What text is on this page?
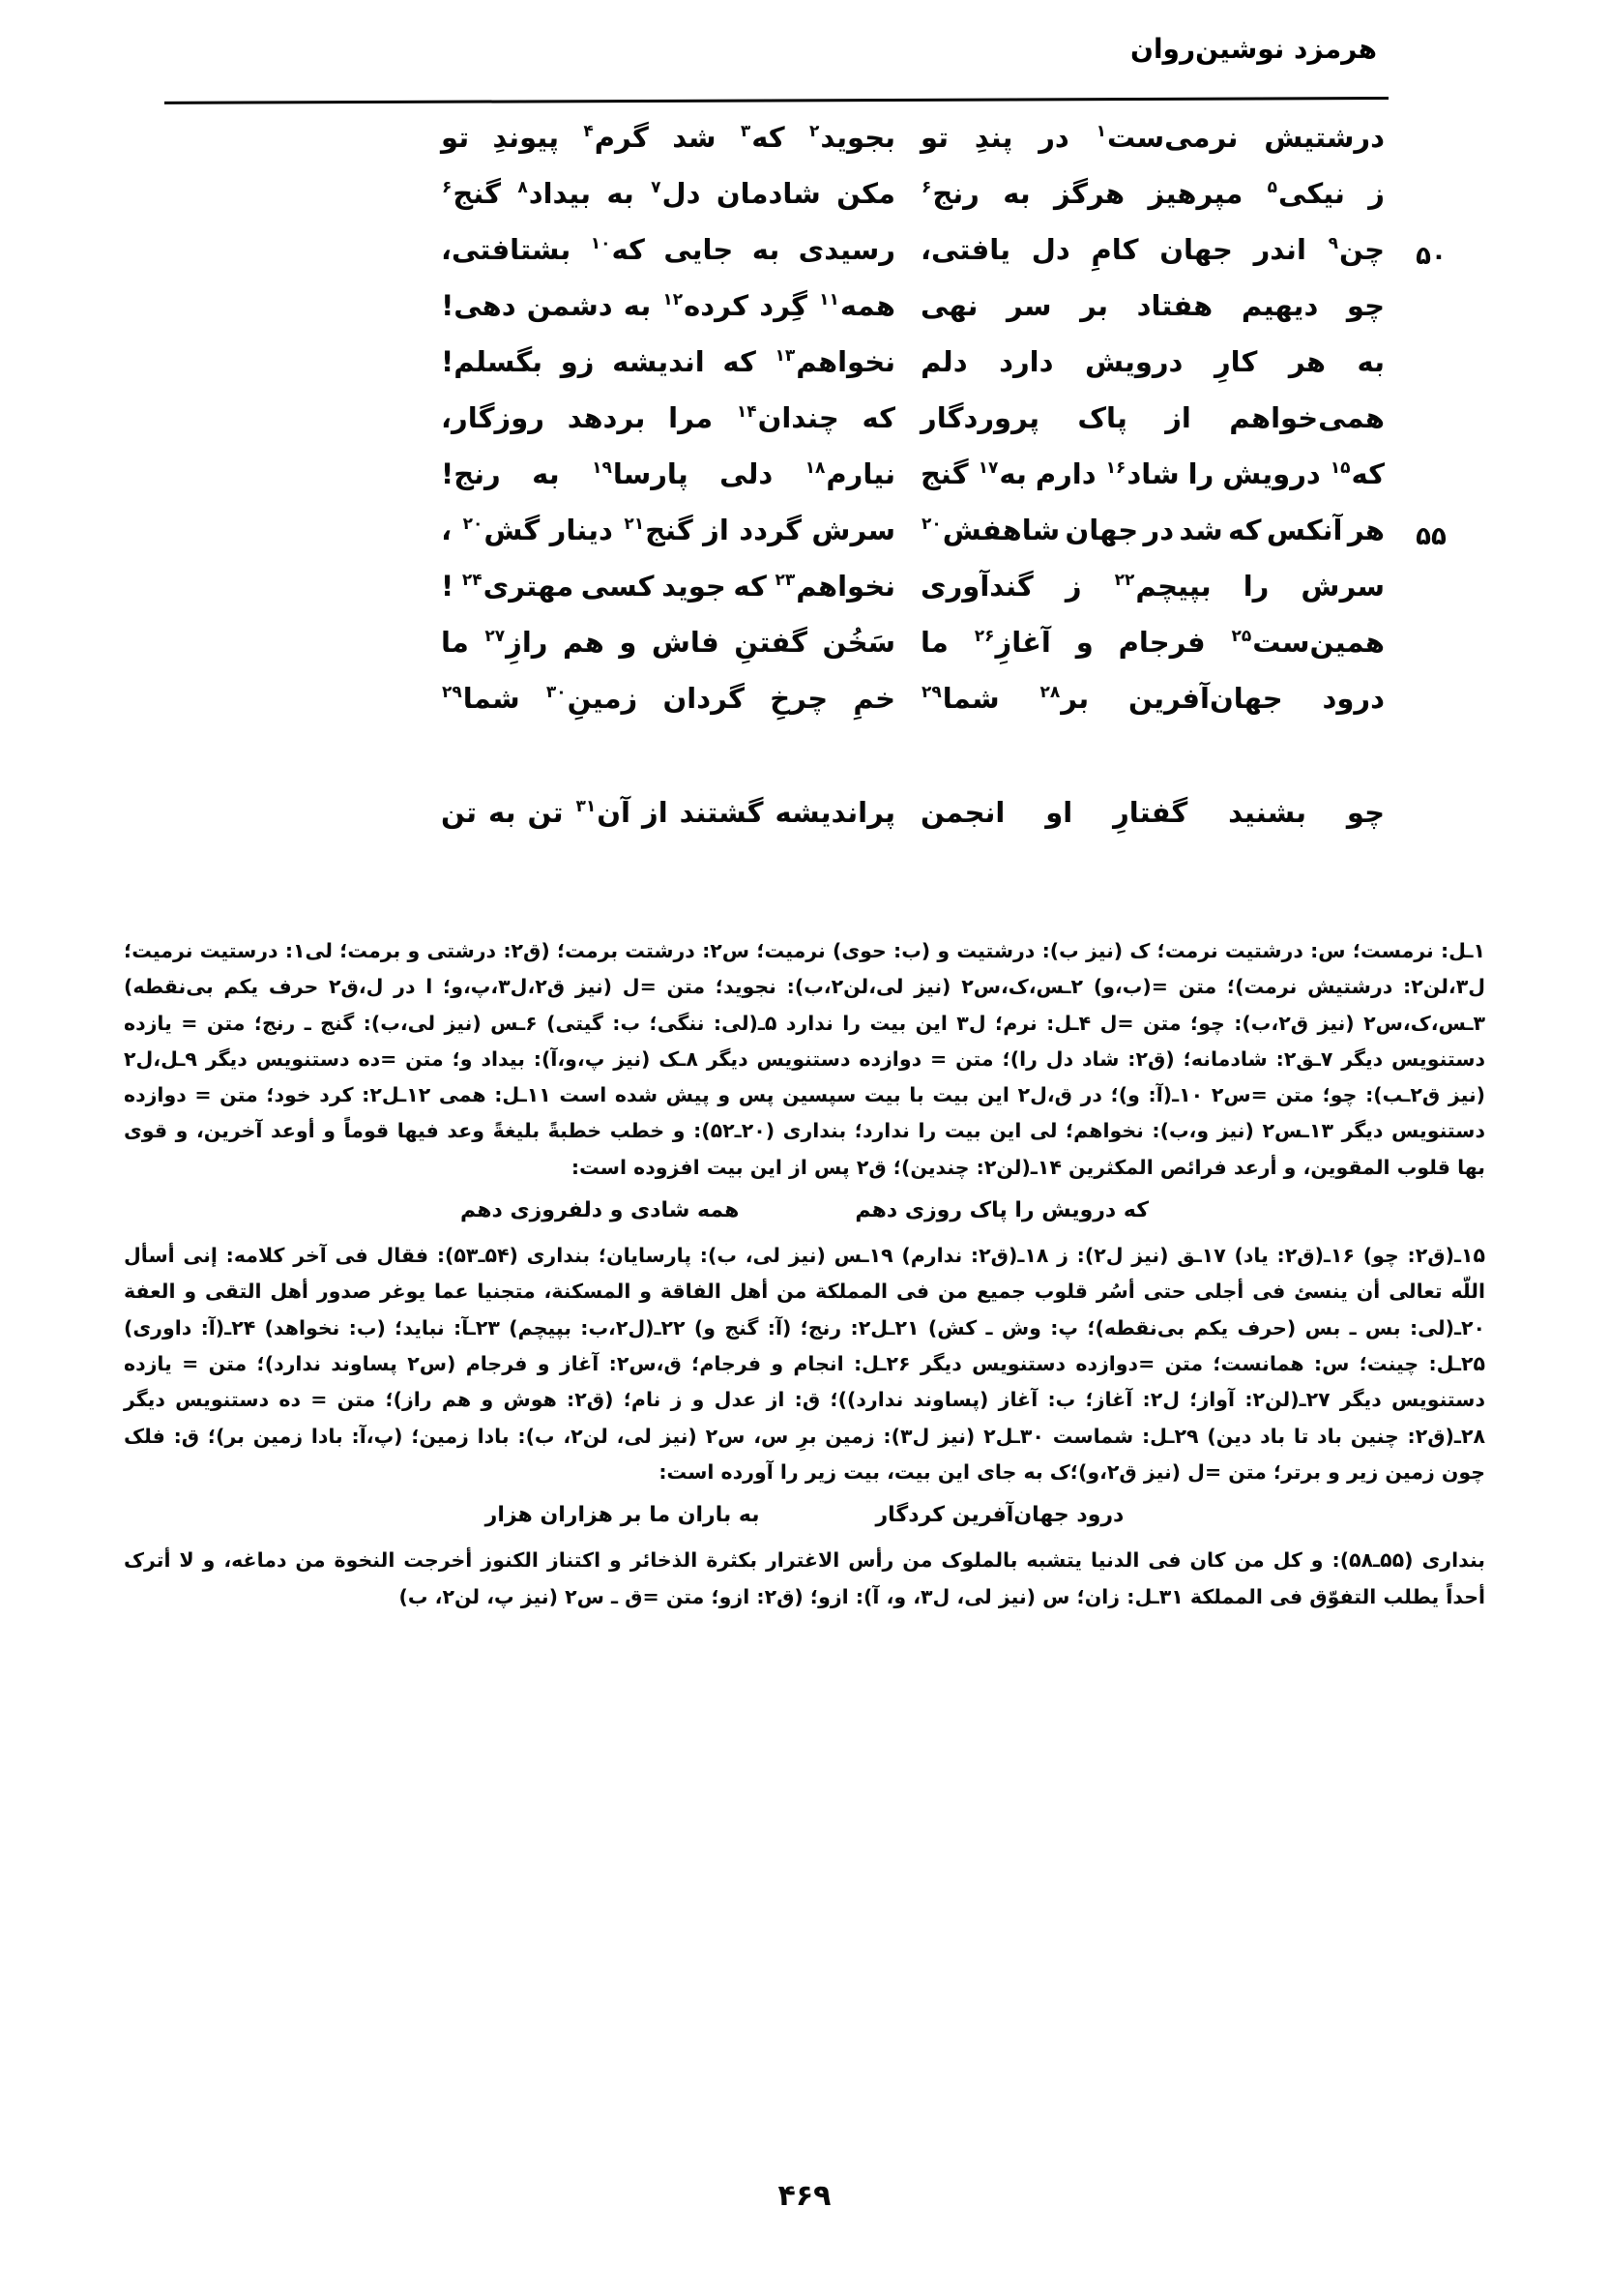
هرمزد نوشین‌روان
درشتیش
نرمی‌ست$^۱$
در
پندِ
تو
بجوید$^۲$
که$^۳$
شد
گرم$^۴$
پیوندِ
تو
ز
نیکی$^۵$
مپرهیز
هرگز
به
رنج$^۶$
مکن
شادمان
دل$^۷$
به
بیداد$^۸$
گنج$^۶$
۵۰
چن$^۹$
اندر
جهان
کامِ
دل
یافتی،
رسیدی
به
جایی
که$^{۱۰}$
بشتافتی،
چو
دیهیم
هفتاد
بر
سر
نهی
همه$^{۱۱}$
گِرد
کرده$^{۱۲}$
به
دشمن
دهی!
به
هر
کارِ
درویش
دارد
دلم
نخواهم$^{۱۳}$
که
اندیشه
زو
بگسلم!
همی‌خواهم
از
پاک
پروردگار
که
چندان$^{۱۴}$
مرا
بردهد
روزگار،
که$^{۱۵}$
درویش
را
شاد$^{۱۶}$
دارم
به$^{۱۷}$
گنج
نیارم$^{۱۸}$
دلی
پارسا$^{۱۹}$
به
رنج!
۵۵
هر
آنکس
که
شد
در
جهان
شاهفش$^{۲۰}$
سرش
گردد
از
گنج$^{۲۱}$
دینار
گش$^{۲۰}$
،
سرش
را
بپیچم$^{۲۲}$
ز
گندآوری
نخواهم$^{۲۳}$
که
جوید
کسی
مهتری$^{۲۴}$
!
همین‌ست$^{۲۵}$
فرجام
و
آغازِ$^{۲۶}$
ما
سَخُن
گفتنِ
فاش
و
هم
رازِ$^{۲۷}$
ما
درود
جهان‌آفرین
بر$^{۲۸}$
شما$^{۲۹}$
خمِ
چرخِ
گردان
زمینِ$^{۳۰}$
شما$^{۲۹}$
چو
بشنید
گفتارِ
او
انجمن
پراندیشه
گشتند
از
آن$^{۳۱}$
تن
به
تن

۱ـل: نرمست؛ س: درشتیت نرمت؛ ک (نیز ب): درشتیت و (ب: حوی) نرمیت؛ س۲: درشتت برمت؛ (ق۲: درشتی و برمت؛ لی۱: درستیت نرمیت؛ ل۳،لن۲: درشتیش نرمت)؛ متن =(ب،و) ۲ـس،ک،س۲ (نیز لی،لن۲،ب): نجوید؛ متن =ل (نیز ق۲،ل۳،پ،و؛ ا در ل،ق۲ حرف یکم بی‌نقطه) ۳ـس،ک،س۲ (نیز ق۲،ب): چو؛ متن =ل ۴ـل: نرم؛ ل۳ این بیت را ندارد ۵ـ(لی: ننگی؛ ب: گیتی) ۶ـس (نیز لی،ب): گنج ـ رنج؛ متن = یازده دستنویس دیگر ۷ـق۲: شادمانه؛ (ق۲: شاد دل را)؛ متن = دوازده دستنویس دیگر ۸ـک (نیز پ،و،آ): بیداد و؛ متن =ده دستنویس دیگر ۹ـل،ل۲ (نیز ق۲ـب): چو؛ متن =س۲ ۱۰ـ(آ: و)؛ در ق،ل۲ این بیت با بیت سپسین پس و پیش شده است ۱۱ـل: همی ۱۲ـل۲: کرد خود؛ متن = دوازده دستنویس دیگر ۱۳ـس۲ (نیز و،ب): نخواهم؛ لی این بیت را ندارد؛ بنداری (۲۰ـ۵۲): و خطب خطبةً بلیغةً وعد فیها قوماً و أوعد آخرین، و قوی بها قلوب المقوین، و أرعد فرائص المکثرین ۱۴ـ(لن۲: چندین)؛ ق۲ پس از این بیت افزوده است:

که درویش را پاک روزی دهم
همه شادی و دلفروزی دهم

۱۵ـ(ق۲: چو) ۱۶ـ(ق۲: یاد) ۱۷ـق (نیز ل۲): ز ۱۸ـ(ق۲: ندارم) ۱۹ـس (نیز لی، ب): پارسایان؛ بنداری (۵۴ـ۵۳): فقال فی آخر کلامه: إنی أسأل اللّه تعالی أن ینسئ فی أجلی حتی أسُر قلوب جمیع من فی المملکة من أهل الفاقة و المسکنة، متجنیا عما یوغر صدور أهل التقی و العفة ۲۰ـ(لی: بس ـ بس (حرف یکم بی‌نقطه)؛ پ: وش ـ کش) ۲۱ـل۲: رنج؛ (آ: گنج و) ۲۲ـ(ل۲،ب: بپیچم) ۲۳ـآ: نباید؛ (ب: نخواهد) ۲۴ـ(آ: داوری) ۲۵ـل: چینت؛ س: همانست؛ متن =دوازده دستنویس دیگر ۲۶ـل: انجام و فرجام؛ ق،س۲: آغاز و فرجام (س۲ پساوند ندارد)؛ متن = یازده دستنویس دیگر ۲۷ـ(لن۲: آواز؛ ل۲: آغاز؛ ب: آغاز (پساوند ندارد))؛ ق: از عدل و ز نام؛ (ق۲: هوش و هم راز)؛ متن = ده دستنویس دیگر ۲۸ـ(ق۲: چنین باد تا باد دین) ۲۹ـل: شماست ۳۰ـل۲ (نیز ل۳): زمین برِ س، س۲ (نیز لی، لن۲، ب): بادا زمین؛ (پ،آ: بادا زمین بر)؛ ق: فلک چون زمین زیر و برتر؛ متن =ل (نیز ق۲،و)؛ک به جای این بیت، بیت زیر را آورده است:

درود جهان‌آفرین کردگار
به باران ما بر هزاران هزار

بنداری (۵۵ـ۵۸): و کل من کان فی الدنیا یتشبه بالملوک من رأس الاغترار بکثرة الذخائر و اکتناز الکنوز أخرجت النخوة من دماغه، و لا أترک أحداً یطلب التفوّق فی المملکة ۳۱ـل: زان؛ س (نیز لی، ل۳، و، آ): ازو؛ (ق۲: ازو؛ متن =ق ـ س۲ (نیز پ، لن۲، ب)

۴۶۹
